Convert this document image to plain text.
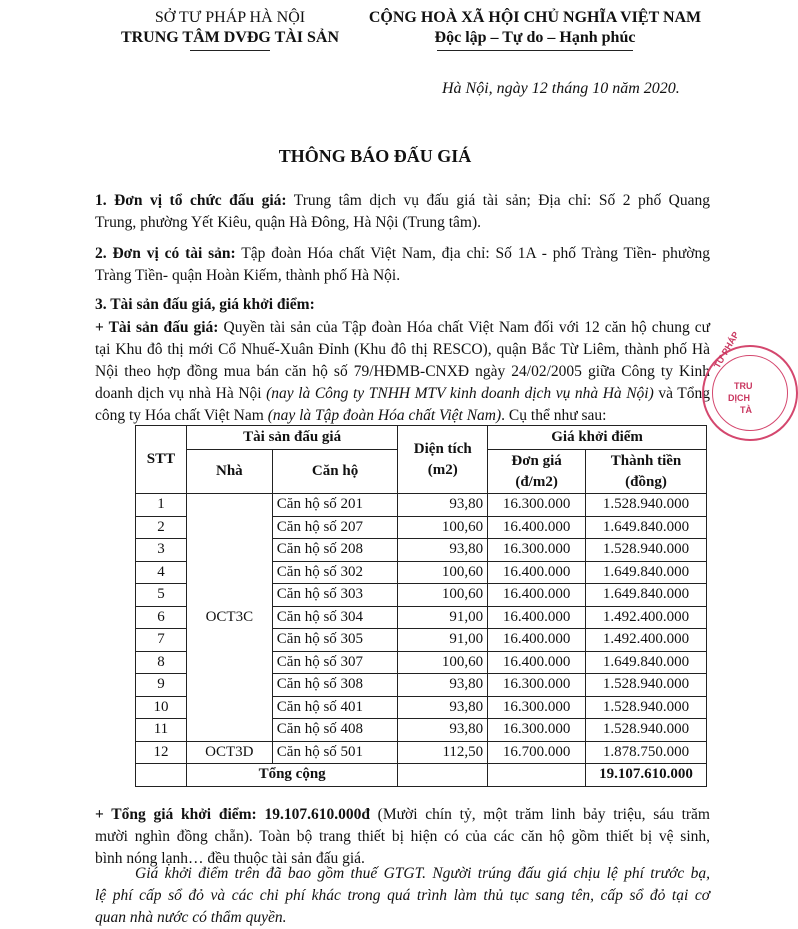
SỞ TƯ PHÁP HÀ NỘI
TRUNG TÂM DVĐG TÀI SẢN
CỘNG HOÀ XÃ HỘI CHỦ NGHĨA VIỆT NAM
Độc lập – Tự do – Hạnh phúc
Hà Nội, ngày 12 tháng 10 năm 2020.
THÔNG BÁO ĐẤU GIÁ
1. Đơn vị tổ chức đấu giá: Trung tâm dịch vụ đấu giá tài sản; Địa chỉ: Số 2 phố Quang
Trung, phường Yết Kiêu, quận Hà Đông, Hà Nội (Trung tâm).
2. Đơn vị có tài sản: Tập đoàn Hóa chất Việt Nam, địa chỉ: Số 1A - phố Tràng Tiền- phường
Tràng Tiền- quận Hoàn Kiếm, thành phố Hà Nội.
3. Tài sản đấu giá, giá khởi điểm:
+ Tài sản đấu giá: Quyền tài sản của Tập đoàn Hóa chất Việt Nam đối với 12 căn hộ chung cư
tại Khu đô thị mới Cổ Nhuế-Xuân Đỉnh (Khu đô thị RESCO), quận Bắc Từ Liêm, thành phố Hà
Nội theo hợp đồng mua bán căn hộ số 79/HĐMB-CNXĐ ngày 24/02/2005 giữa Công ty Kinh
doanh dịch vụ nhà Hà Nội (nay là Công ty TNHH MTV kinh doanh dịch vụ nhà Hà Nội) và Tổng
công ty Hóa chất Việt Nam (nay là Tập đoàn Hóa chất Việt Nam). Cụ thể như sau:
STT	Tài sản đấu giá		Diện tích (m2)	Giá khởi điểm	
	Nhà	Căn hộ		Đơn giá (đ/m2)	Thành tiền (đồng)
1	OCT3C	Căn hộ số 201	93,80	16.300.000	1.528.940.000
2		Căn hộ số 207	100,60	16.400.000	1.649.840.000
3		Căn hộ số 208	93,80	16.300.000	1.528.940.000
4		Căn hộ số 302	100,60	16.400.000	1.649.840.000
5		Căn hộ số 303	100,60	16.400.000	1.649.840.000
6		Căn hộ số 304	91,00	16.400.000	1.492.400.000
7		Căn hộ số 305	91,00	16.400.000	1.492.400.000
8		Căn hộ số 307	100,60	16.400.000	1.649.840.000
9		Căn hộ số 308	93,80	16.300.000	1.528.940.000
10		Căn hộ số 401	93,80	16.300.000	1.528.940.000
11		Căn hộ số 408	93,80	16.300.000	1.528.940.000
12	OCT3D	Căn hộ số 501	112,50	16.700.000	1.878.750.000
	Tổng cộng				19.107.610.000
+ Tổng giá khởi điểm: 19.107.610.000đ (Mười chín tỷ, một trăm linh bảy triệu, sáu trăm
mười nghìn đồng chẵn). Toàn bộ trang thiết bị hiện có của các căn hộ gồm thiết bị vệ sinh,
bình nóng lạnh… đều thuộc tài sản đấu giá.
Giá khởi điểm trên đã bao gồm thuế GTGT. Người trúng đấu giá chịu lệ phí trước bạ,
lệ phí cấp sổ đỏ và các chi phí khác trong quá trình làm thủ tục sang tên, cấp sổ đỏ tại cơ
quan nhà nước có thẩm quyền.
TƯ PHÁP
TRU
DỊCH
TÀ
